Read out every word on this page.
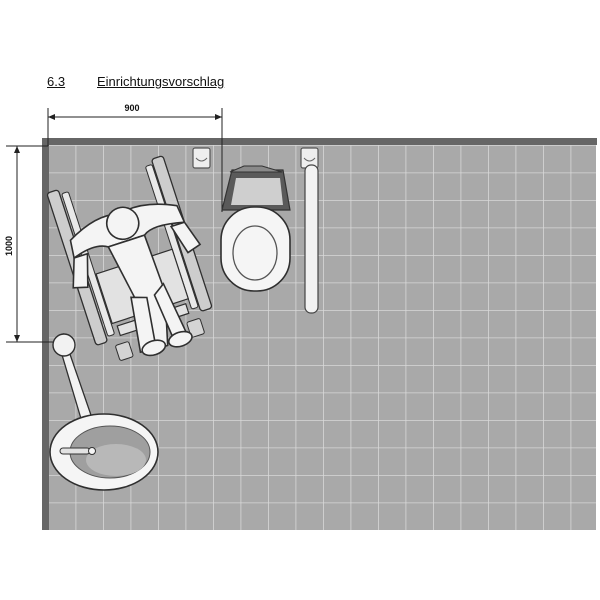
6.3 Einrichtungsvorschlag
900
1000
